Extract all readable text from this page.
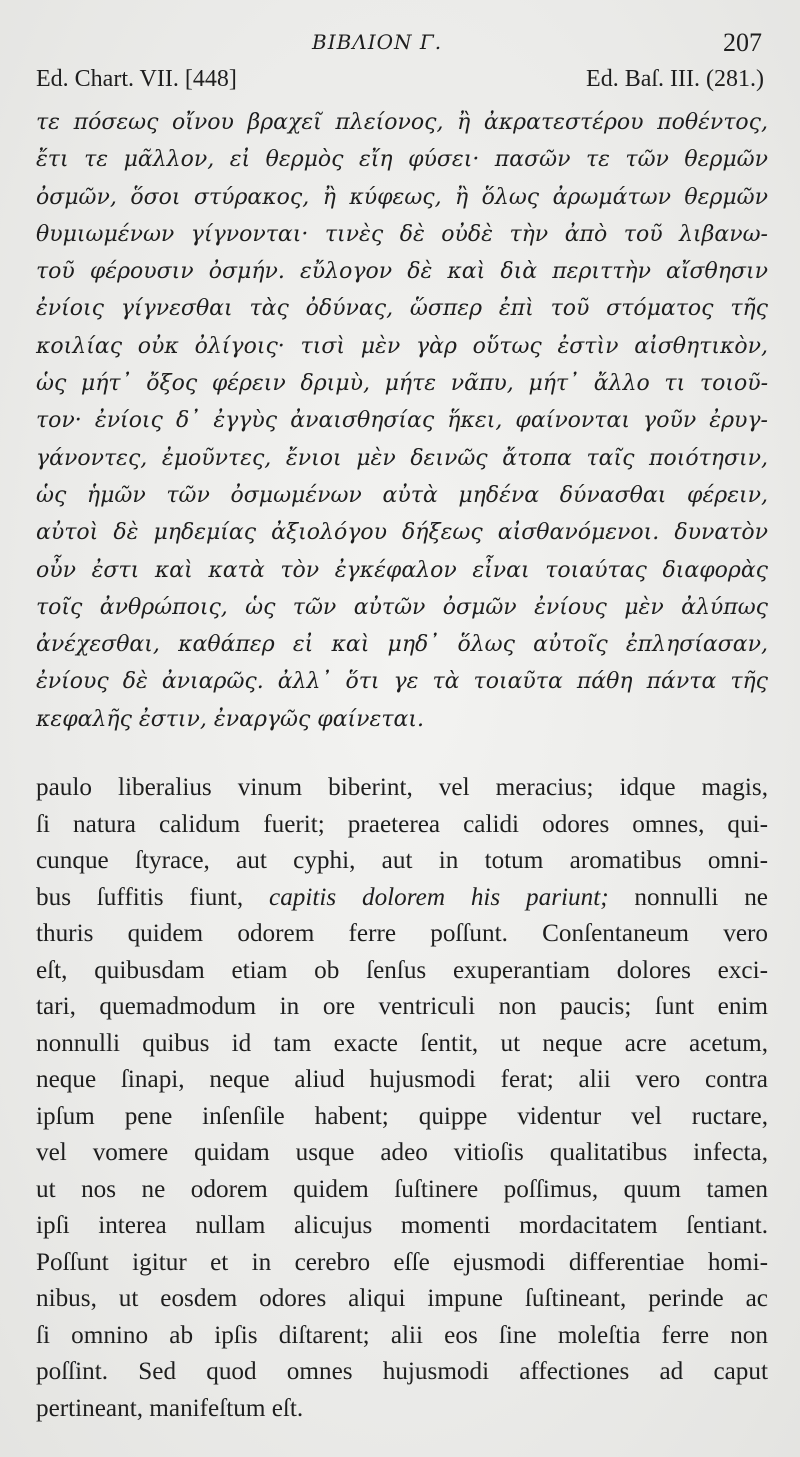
ΒΙΒΛΙΟΝ Γ.	207
Ed. Chart. VII. [448]	Ed. Baſ. III. (281.)
τε πόσεως οἴνου βραχεῖ πλείονος, ἢ ἀκρατεστέρου ποθέντος,
ἔτι τε μᾶλλον, εἰ θερμὸς εἴη φύσει· πασῶν τε τῶν θερμῶν
ὀσμῶν, ὅσοι στύρακος, ἢ κύφεως, ἢ ὅλως ἀρωμάτων θερμῶν
θυμιωμένων γίγνονται· τινὲς δὲ οὐδὲ τὴν ἀπὸ τοῦ λιβανω-
τοῦ φέρουσιν ὀσμήν. εὔλογον δὲ καὶ διὰ περιττὴν αἴσθησιν
ἐνίοις γίγνεσθαι τὰς ὀδύνας, ὥσπερ ἐπὶ τοῦ στόματος τῆς
κοιλίας οὐκ ὀλίγοις· τισὶ μὲν γὰρ οὕτως ἐστὶν αἰσθητικὸν,
ὡς μήτ᾽ ὄξος φέρειν δριμὺ, μήτε νᾶπυ, μήτ᾽ ἄλλο τι τοιοῦ-
τον· ἐνίοις δ᾽ ἐγγὺς ἀναισθησίας ἥκει, φαίνονται γοῦν ἐρυγ-
γάνοντες, ἐμοῦντες, ἔνιοι μὲν δεινῶς ἄτοπα ταῖς ποιότησιν,
ὡς ἡμῶν τῶν ὀσμωμένων αὐτὰ μηδένα δύνασθαι φέρειν,
αὐτοὶ δὲ μηδεμίας ἀξιολόγου δήξεως αἰσθανόμενοι. δυνατὸν
οὖν ἐστι καὶ κατὰ τὸν ἐγκέφαλον εἶναι τοιαύτας διαφορὰς
τοῖς ἀνθρώποις, ὡς τῶν αὐτῶν ὀσμῶν ἐνίους μὲν ἀλύπως
ἀνέχεσθαι, καθάπερ εἰ καὶ μηδ᾽ ὅλως αὐτοῖς ἐπλησίασαν,
ἐνίους δὲ ἀνιαρῶς. ἀλλ᾽ ὅτι γε τὰ τοιαῦτα πάθη πάντα τῆς
κεφαλῆς ἐστιν, ἐναργῶς φαίνεται.
paulo liberalius vinum biberint, vel meracius; idque magis,
ſi natura calidum fuerit; praeterea calidi odores omnes, qui-
cunque ſtyrace, aut cyphi, aut in totum aromatibus omni-
bus ſuffitis fiunt, capitis dolorem his pariunt; nonnulli ne
thuris quidem odorem ferre poſſunt. Conſentaneum vero
eſt, quibusdam etiam ob ſenſus exuperantiam dolores exci-
tari, quemadmodum in ore ventriculi non paucis; ſunt enim
nonnulli quibus id tam exacte ſentit, ut neque acre acetum,
neque ſinapi, neque aliud hujusmodi ferat; alii vero contra
ipſum pene inſenſile habent; quippe videntur vel ructare,
vel vomere quidam usque adeo vitioſis qualitatibus infecta,
ut nos ne odorem quidem ſuſtinere poſſimus, quum tamen
ipſi interea nullam alicujus momenti mordacitatem ſentiant.
Poſſunt igitur et in cerebro eſſe ejusmodi differentiae homi-
nibus, ut eosdem odores aliqui impune ſuſtineant, perinde ac
ſi omnino ab ipſis diſtarent; alii eos ſine moleſtia ferre non
poſſint. Sed quod omnes hujusmodi affectiones ad caput
pertineant, manifeſtum eſt.
